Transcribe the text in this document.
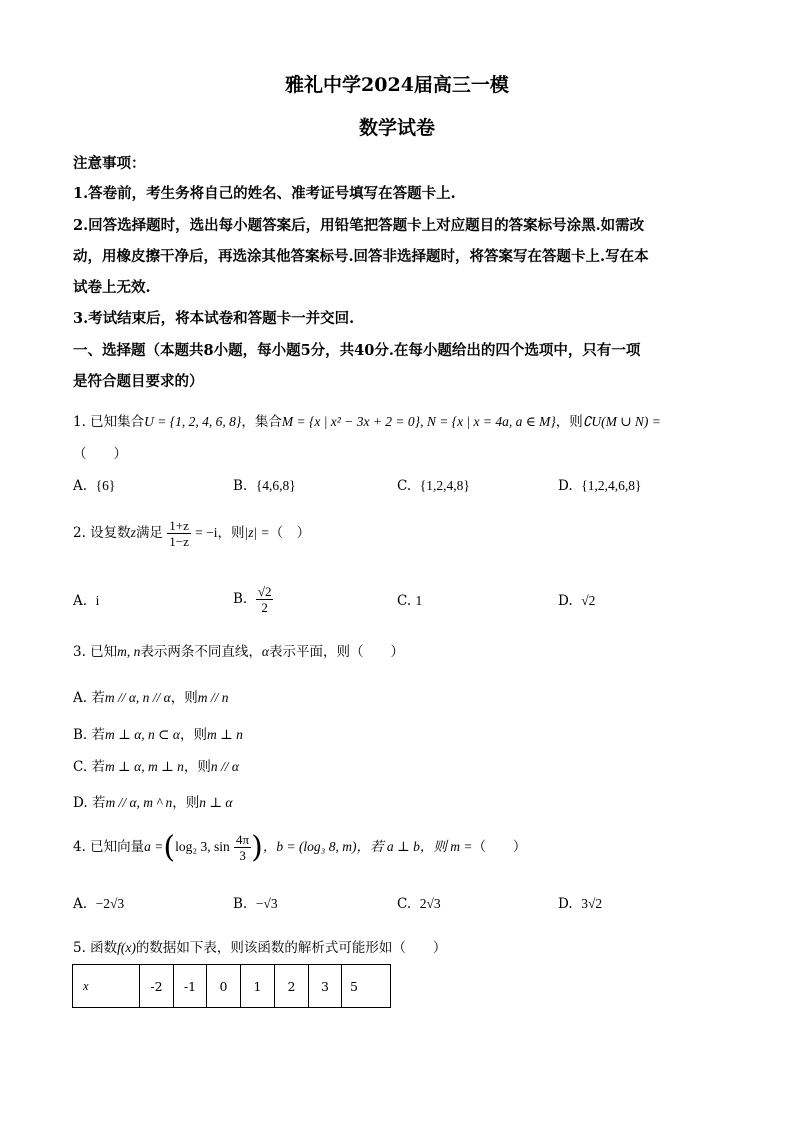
雅礼中学2024届高三一模
数学试卷
注意事项：
1.答卷前，考生务将自己的姓名、准考证号填写在答题卡上.
2.回答选择题时，选出每小题答案后，用铅笔把答题卡上对应题目的答案标号涂黑.如需改
动，用橡皮擦干净后，再选涂其他答案标号.回答非选择题时，将答案写在答题卡上.写在本
试卷上无效.
3.考试结束后，将本试卷和答题卡一并交回.
一、选择题（本题共8小题，每小题5分，共40分.在每小题给出的四个选项中，只有一项
是符合题目要求的）
1. 已知集合U = {1, 2, 4, 6, 8}，集合M = {x | x² − 3x + 2 = 0}, N = {x | x = 4a, a ∈ M}，则∁U(M ∪ N) =
（　　）
A. {6}	B. {4,6,8}	C. {1,2,4,8}	D. {1,2,4,6,8}
2. 设复数z满足 $\frac{1+z}{1-z} = -i$，则|z| =（　）
A. i	B. $\frac{√2}{2}$	C. 1	D. √2
3. 已知m, n表示两条不同直线，α表示平面，则（　　）
A. 若m // α, n // α，则m // n
B. 若m ⊥ α, n ⊂ α，则m ⊥ n
C. 若m ⊥ α, m ⊥ n，则n // α
D. 若m // α, m ^ n，则n ⊥ α
4. 已知向量a =(log₂ 3, $\sin \frac{4\pi}{3}$ )，b = (log₃ 8, m)，若 a ⊥ b，则 m =（　　）
A. −2√3	B. −√3	C. 2√3	D. 3√2
5. 函数f(x)的数据如下表，则该函数的解析式可能形如（　　）
x	-2	-1	0	1	2	3	5
